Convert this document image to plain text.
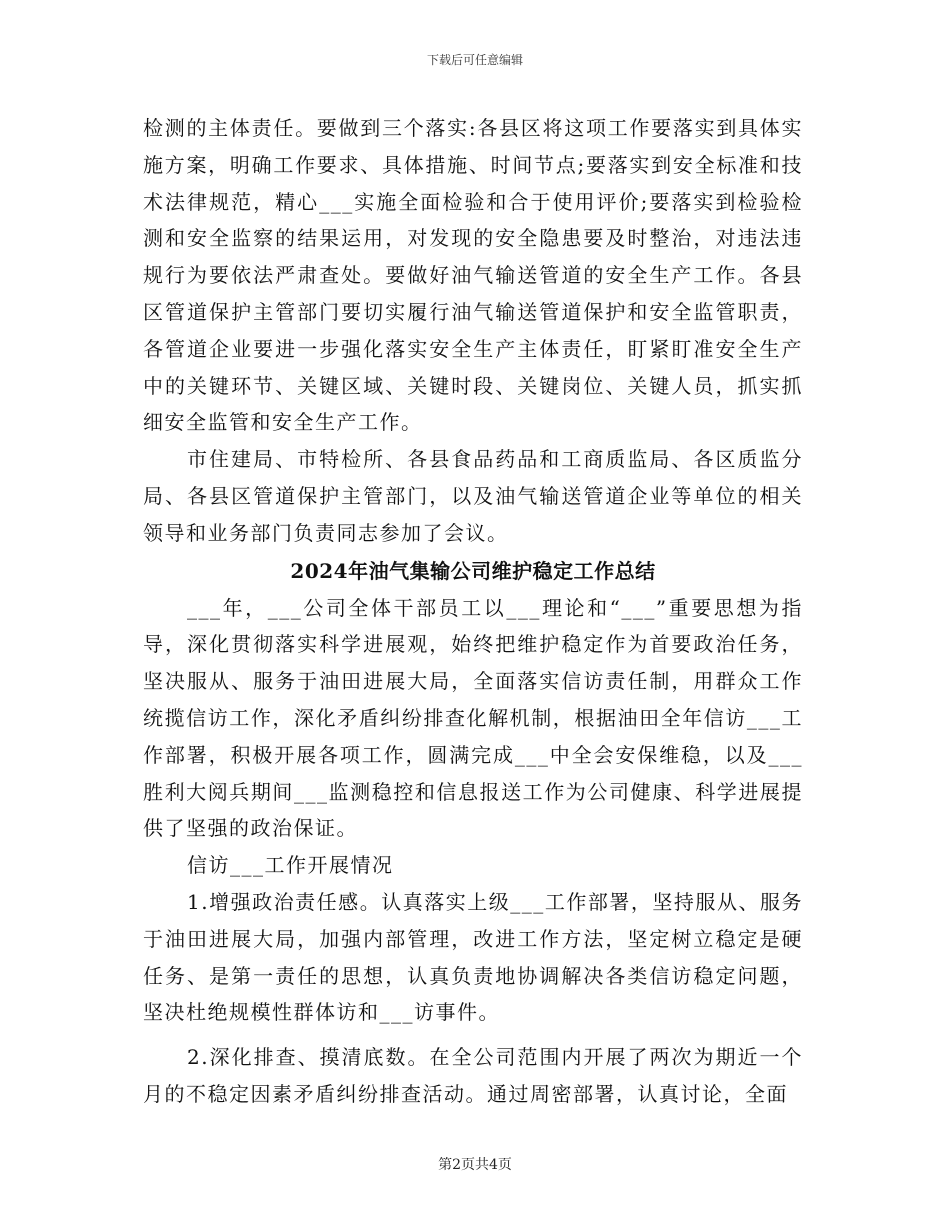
下载后可任意编辑

检测的主体责任。要做到三个落实:各县区将这项工作要落实到具体实施方案，明确工作要求、具体措施、时间节点;要落实到安全标准和技术法律规范，精心___实施全面检验和合于使用评价;要落实到检验检测和安全监察的结果运用，对发现的安全隐患要及时整治，对违法违规行为要依法严肃查处。要做好油气输送管道的安全生产工作。各县区管道保护主管部门要切实履行油气输送管道保护和安全监管职责，各管道企业要进一步强化落实安全生产主体责任，盯紧盯准安全生产中的关键环节、关键区域、关键时段、关键岗位、关键人员，抓实抓细安全监管和安全生产工作。

市住建局、市特检所、各县食品药品和工商质监局、各区质监分局、各县区管道保护主管部门，以及油气输送管道企业等单位的相关领导和业务部门负责同志参加了会议。

2024年油气集输公司维护稳定工作总结

___年，___公司全体干部员工以___理论和“___”重要思想为指导，深化贯彻落实科学进展观，始终把维护稳定作为首要政治任务，坚决服从、服务于油田进展大局，全面落实信访责任制，用群众工作统揽信访工作，深化矛盾纠纷排查化解机制，根据油田全年信访___工作部署，积极开展各项工作，圆满完成___中全会安保维稳，以及___胜利大阅兵期间___监测稳控和信息报送工作为公司健康、科学进展提供了坚强的政治保证。

信访___工作开展情况

1.增强政治责任感。认真落实上级___工作部署，坚持服从、服务于油田进展大局，加强内部管理，改进工作方法，坚定树立稳定是硬任务、是第一责任的思想，认真负责地协调解决各类信访稳定问题，坚决杜绝规模性群体访和___访事件。

2.深化排查、摸清底数。在全公司范围内开展了两次为期近一个月的不稳定因素矛盾纠纷排查活动。通过周密部署，认真讨论，全面

第2页共4页
